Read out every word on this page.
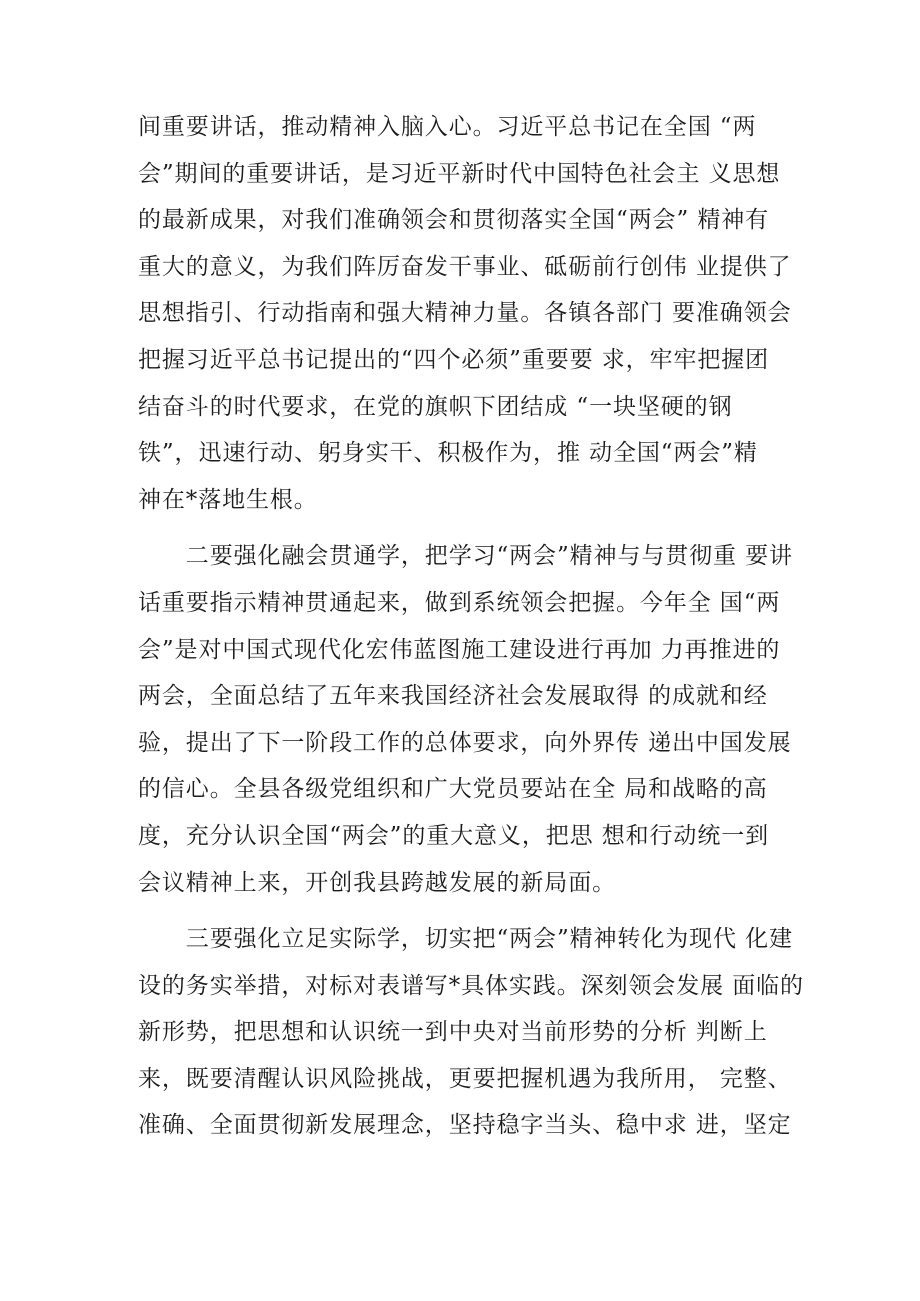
间重要讲话，推动精神入脑入心。习近平总书记在全国 “两
会”期间的重要讲话，是习近平新时代中国特色社会主 义思想
的最新成果，对我们准确领会和贯彻落实全国“两会” 精神有
重大的意义，为我们阵厉奋发干事业、砥砺前行创伟 业提供了
思想指引、行动指南和强大精神力量。各镇各部门 要准确领会
把握习近平总书记提出的“四个必须”重要要 求，牢牢把握团
结奋斗的时代要求，在党的旗帜下团结成 “一块坚硬的钢
铁”，迅速行动、躬身实干、积极作为，推 动全国“两会”精
神在*落地生根。
　　二要强化融会贯通学，把学习“两会”精神与与贯彻重 要讲
话重要指示精神贯通起来，做到系统领会把握。今年全 国“两
会”是对中国式现代化宏伟蓝图施工建设进行再加 力再推进的
两会，全面总结了五年来我国经济社会发展取得 的成就和经
验，提出了下一阶段工作的总体要求，向外界传 递出中国发展
的信心。全县各级党组织和广大党员要站在全 局和战略的高
度，充分认识全国“两会”的重大意义，把思 想和行动统一到
会议精神上来，开创我县跨越发展的新局面。
　　三要强化立足实际学，切实把“两会”精神转化为现代 化建
设的务实举措，对标对表谱写*具体实践。深刻领会发展 面临的
新形势，把思想和认识统一到中央对当前形势的分析 判断上
来，既要清醒认识风险挑战，更要把握机遇为我所用， 完整、
准确、全面贯彻新发展理念，坚持稳字当头、稳中求 进，坚定
